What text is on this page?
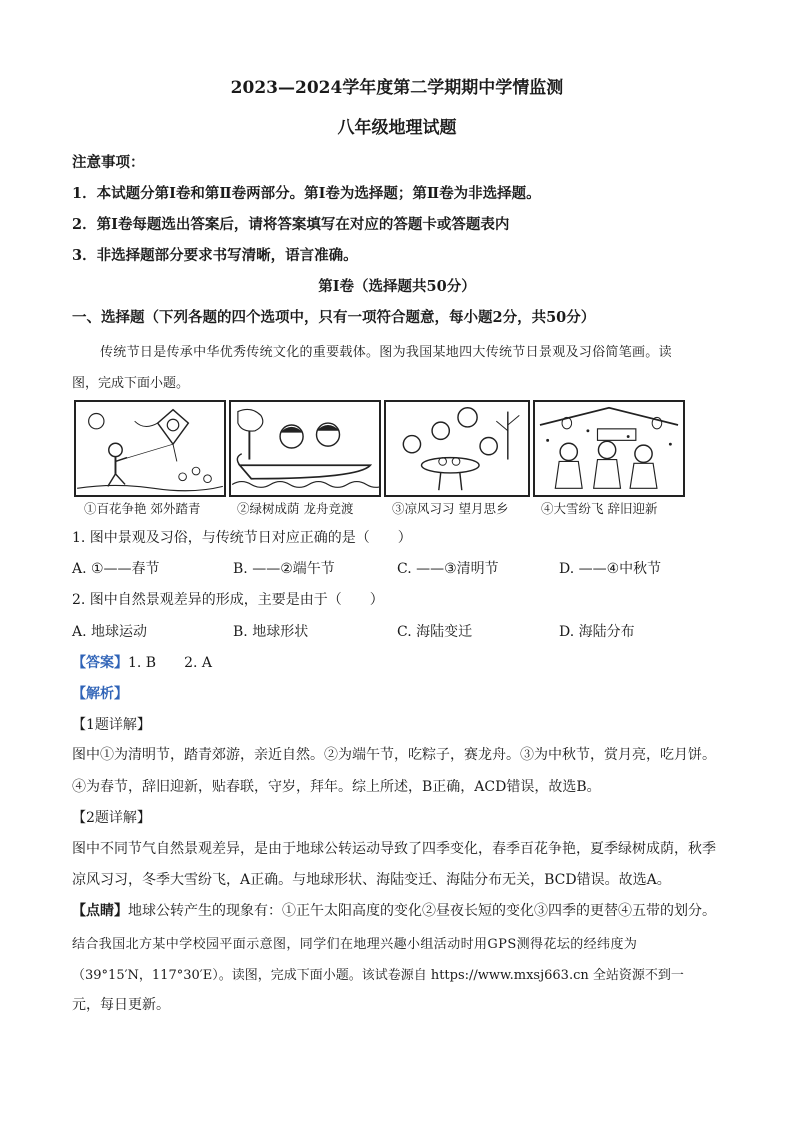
2023—2024学年度第二学期期中学情监测
八年级地理试题
注意事项：
1．本试题分第Ⅰ卷和第Ⅱ卷两部分。第Ⅰ卷为选择题；第Ⅱ卷为非选择题。
2．第Ⅰ卷每题选出答案后，请将答案填写在对应的答题卡或答题表内
3．非选择题部分要求书写清晰，语言准确。
第Ⅰ卷（选择题共50分）
一、选择题（下列各题的四个选项中，只有一项符合题意，每小题2分，共50分）
传统节日是传承中华优秀传统文化的重要载体。图为我国某地四大传统节日景观及习俗简笔画。读
图，完成下面小题。
①百花争艳 郊外踏青	②绿树成荫 龙舟竞渡	③凉风习习 望月思乡	④大雪纷飞 辞旧迎新
1. 图中景观及习俗，与传统节日对应正确的是（　　）
A. ①——春节	B. ——②端午节	C. ——③清明节	D. ——④中秋节
2. 图中自然景观差异的形成，主要是由于（　　）
A. 地球运动	B. 地球形状	C. 海陆变迁	D. 海陆分布
【答案】1. B　　2. A
【解析】
【1题详解】
图中①为清明节，踏青郊游，亲近自然。②为端午节，吃粽子，赛龙舟。③为中秋节，赏月亮，吃月饼。
④为春节，辞旧迎新，贴春联，守岁，拜年。综上所述，B正确，ACD错误，故选B。
【2题详解】
图中不同节气自然景观差异，是由于地球公转运动导致了四季变化，春季百花争艳，夏季绿树成荫，秋季
凉风习习，冬季大雪纷飞，A正确。与地球形状、海陆变迁、海陆分布无关，BCD错误。故选A。
【点睛】地球公转产生的现象有：①正午太阳高度的变化②昼夜长短的变化③四季的更替④五带的划分。
结合我国北方某中学校园平面示意图，同学们在地理兴趣小组活动时用GPS测得花坛的经纬度为
（39°15′N，117°30′E）。读图，完成下面小题。该试卷源自 https://www.mxsj663.cn 全站资源不到一
元，每日更新。
